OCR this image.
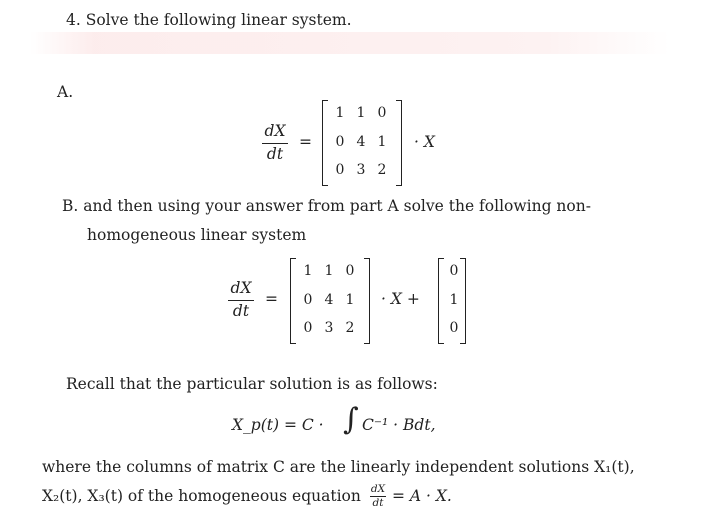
4. Solve the following linear system.
A.
dX
dt
=
1 1 0
0 4 1
0 3 2
· X
B. and then using your answer from part A solve the following non-
homogeneous linear system
dX
dt
=
1 1 0
0 4 1
0 3 2
· X +
0
1
0
Recall that the particular solution is as follows:
X_p(t) = C · ∫ C⁻¹ · Bdt,
where the columns of matrix C are the linearly independent solutions X₁(t),
X₂(t), X₃(t) of the homogeneous equation dX
dt = A · X.
